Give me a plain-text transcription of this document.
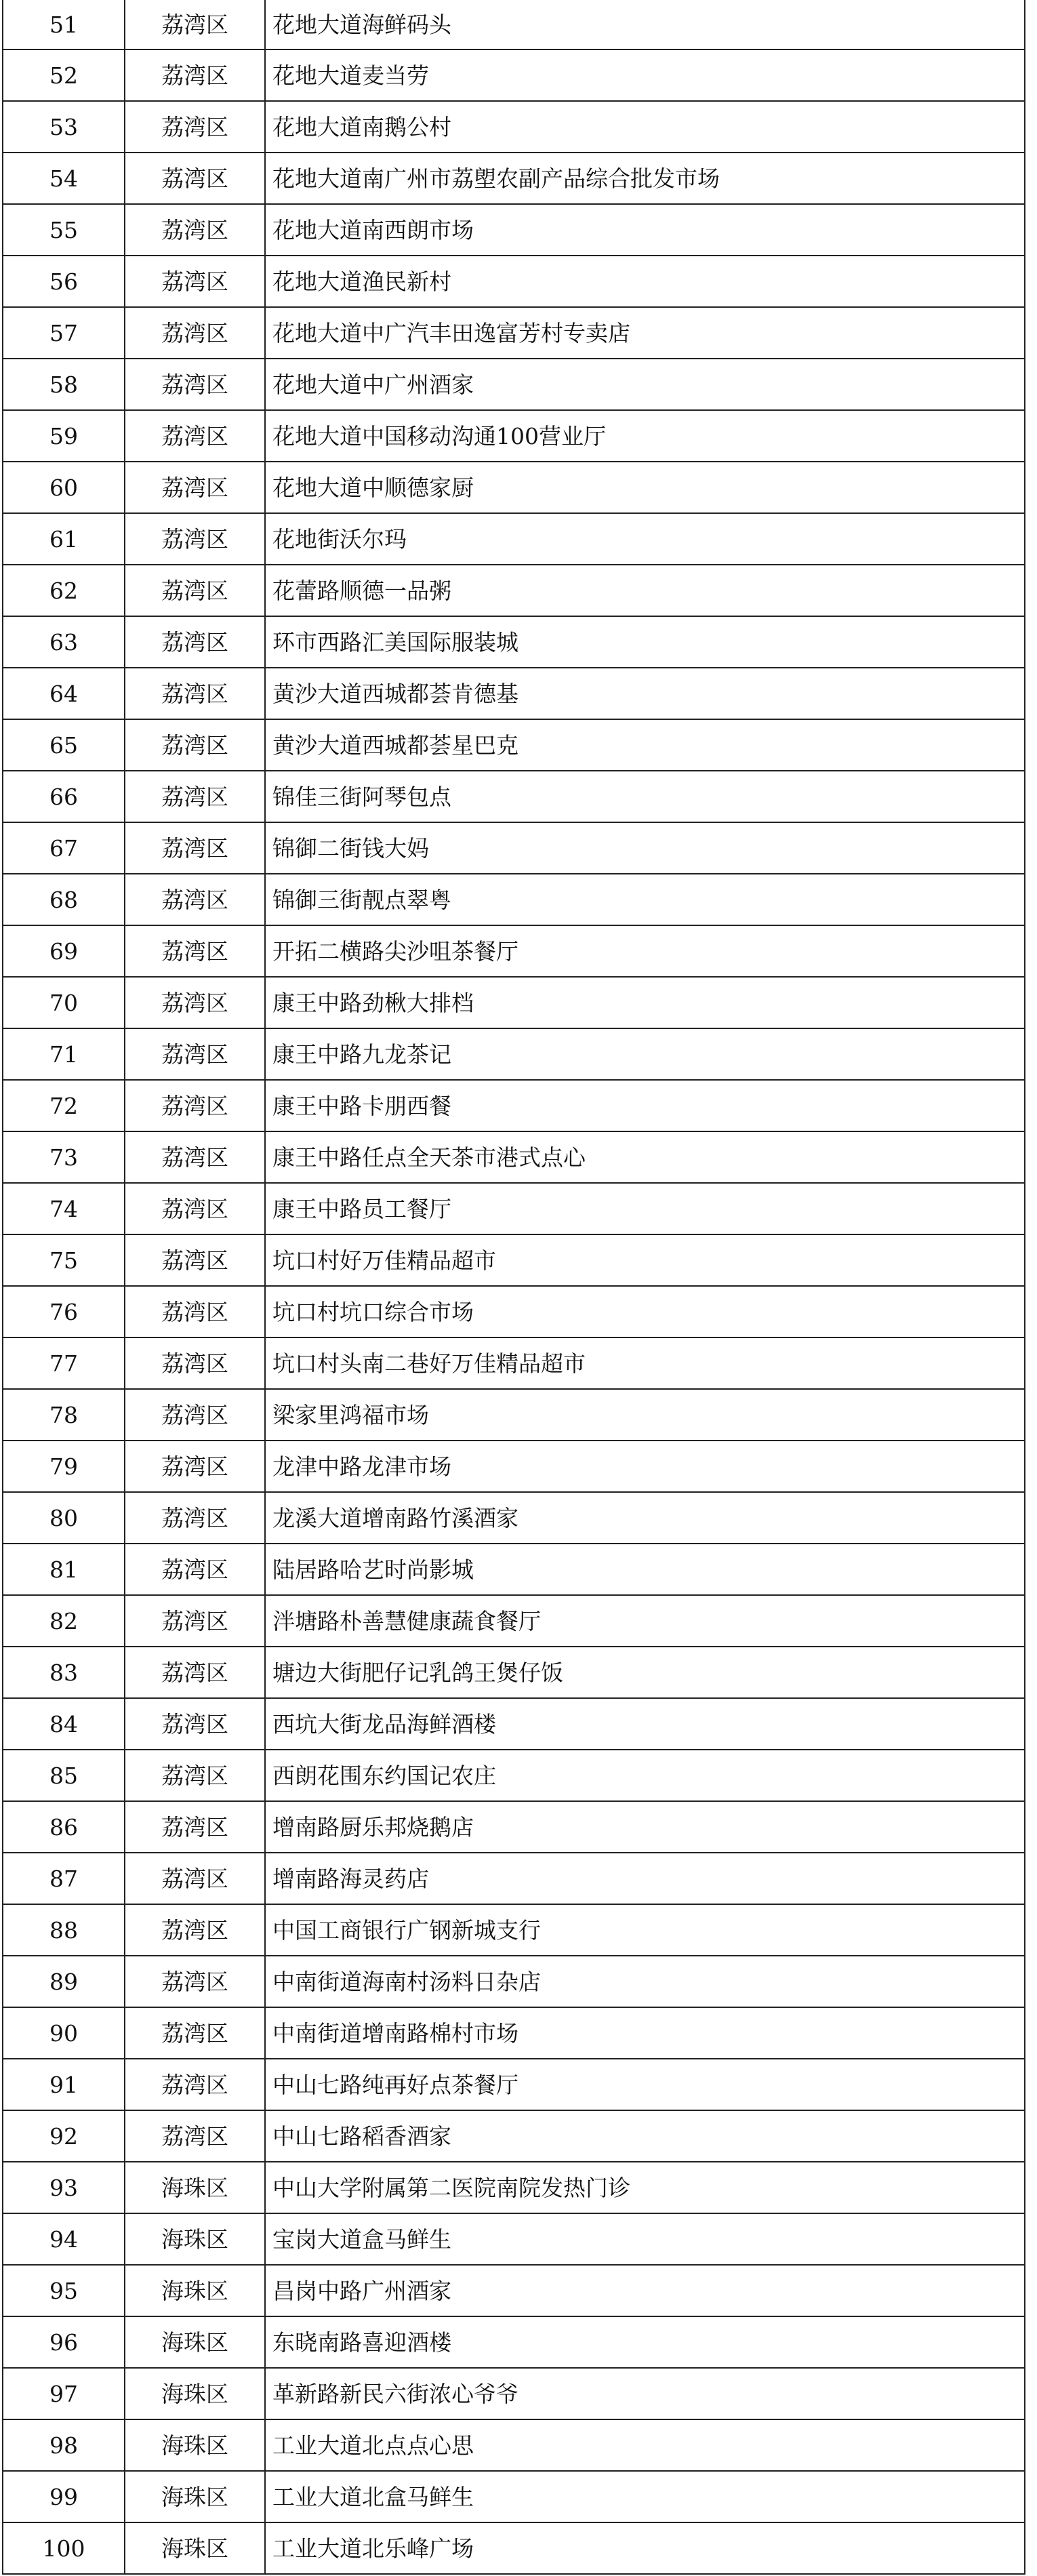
51	荔湾区	花地大道海鲜码头
52	荔湾区	花地大道麦当劳
53	荔湾区	花地大道南鹅公村
54	荔湾区	花地大道南广州市荔塱农副产品综合批发市场
55	荔湾区	花地大道南西朗市场
56	荔湾区	花地大道渔民新村
57	荔湾区	花地大道中广汽丰田逸富芳村专卖店
58	荔湾区	花地大道中广州酒家
59	荔湾区	花地大道中国移动沟通100营业厅
60	荔湾区	花地大道中顺德家厨
61	荔湾区	花地街沃尔玛
62	荔湾区	花蕾路顺德一品粥
63	荔湾区	环市西路汇美国际服装城
64	荔湾区	黄沙大道西城都荟肯德基
65	荔湾区	黄沙大道西城都荟星巴克
66	荔湾区	锦佳三街阿琴包点
67	荔湾区	锦御二街钱大妈
68	荔湾区	锦御三街靓点翠粤
69	荔湾区	开拓二横路尖沙咀茶餐厅
70	荔湾区	康王中路劲楸大排档
71	荔湾区	康王中路九龙茶记
72	荔湾区	康王中路卡朋西餐
73	荔湾区	康王中路任点全天茶市港式点心
74	荔湾区	康王中路员工餐厅
75	荔湾区	坑口村好万佳精品超市
76	荔湾区	坑口村坑口综合市场
77	荔湾区	坑口村头南二巷好万佳精品超市
78	荔湾区	梁家里鸿福市场
79	荔湾区	龙津中路龙津市场
80	荔湾区	龙溪大道增南路竹溪酒家
81	荔湾区	陆居路哈艺时尚影城
82	荔湾区	泮塘路朴善慧健康蔬食餐厅
83	荔湾区	塘边大街肥仔记乳鸽王煲仔饭
84	荔湾区	西坑大街龙品海鲜酒楼
85	荔湾区	西朗花围东约国记农庄
86	荔湾区	增南路厨乐邦烧鹅店
87	荔湾区	增南路海灵药店
88	荔湾区	中国工商银行广钢新城支行
89	荔湾区	中南街道海南村汤料日杂店
90	荔湾区	中南街道增南路棉村市场
91	荔湾区	中山七路纯再好点茶餐厅
92	荔湾区	中山七路稻香酒家
93	海珠区	中山大学附属第二医院南院发热门诊
94	海珠区	宝岗大道盒马鲜生
95	海珠区	昌岗中路广州酒家
96	海珠区	东晓南路喜迎酒楼
97	海珠区	革新路新民六街浓心爷爷
98	海珠区	工业大道北点点心思
99	海珠区	工业大道北盒马鲜生
100	海珠区	工业大道北乐峰广场
